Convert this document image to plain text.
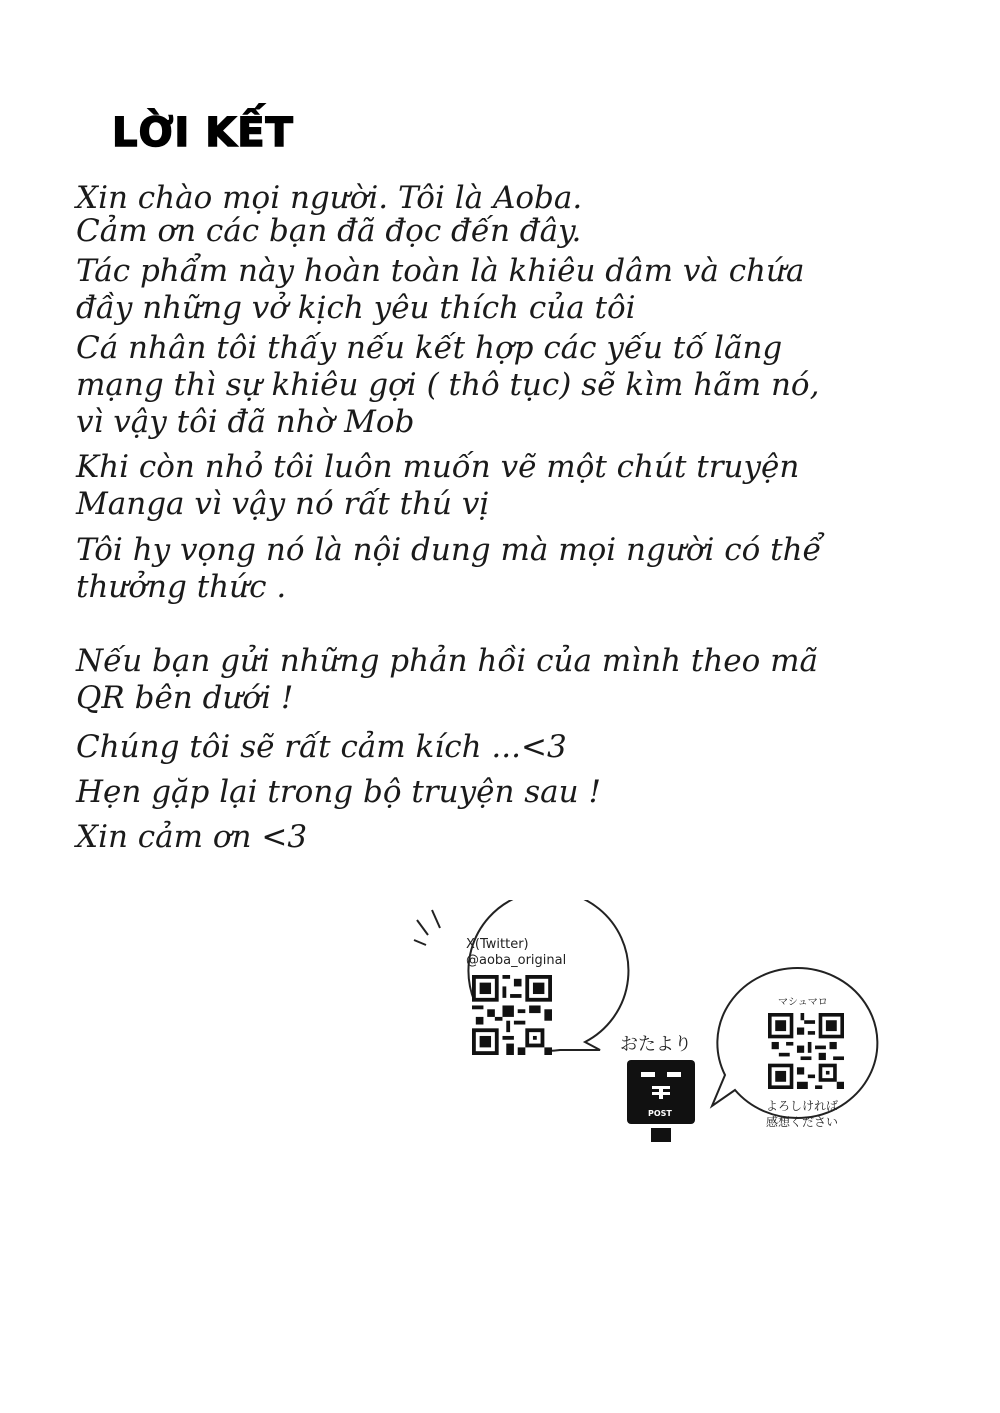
LỜI KẾT
Xin chào mọi người. Tôi là Aoba.
Cảm ơn các bạn đã đọc đến đây.
Tác phẩm này hoàn toàn là khiêu dâm và chứa
đầy những vở kịch yêu thích của tôi
Cá nhân tôi thấy nếu kết hợp các yếu tố lãng
mạng thì sự khiêu gợi ( thô tục) sẽ kìm hãm nó,
vì vậy tôi đã nhờ Mob
Khi còn nhỏ tôi luôn muốn vẽ một chút truyện
Manga vì vậy nó rất thú vị
Tôi hy vọng nó là nội dung mà mọi người có thể
thưởng thức .
Nếu bạn gửi những phản hồi của mình theo mã
QR bên dưới !
Chúng tôi sẽ rất cảm kích ...<3
Hẹn gặp lại trong bộ truyện sau !
Xin cảm ơn <3
X(Twitter)
@aoba_original
おたより
POST
マシュマロ
よろしければ
感想ください
